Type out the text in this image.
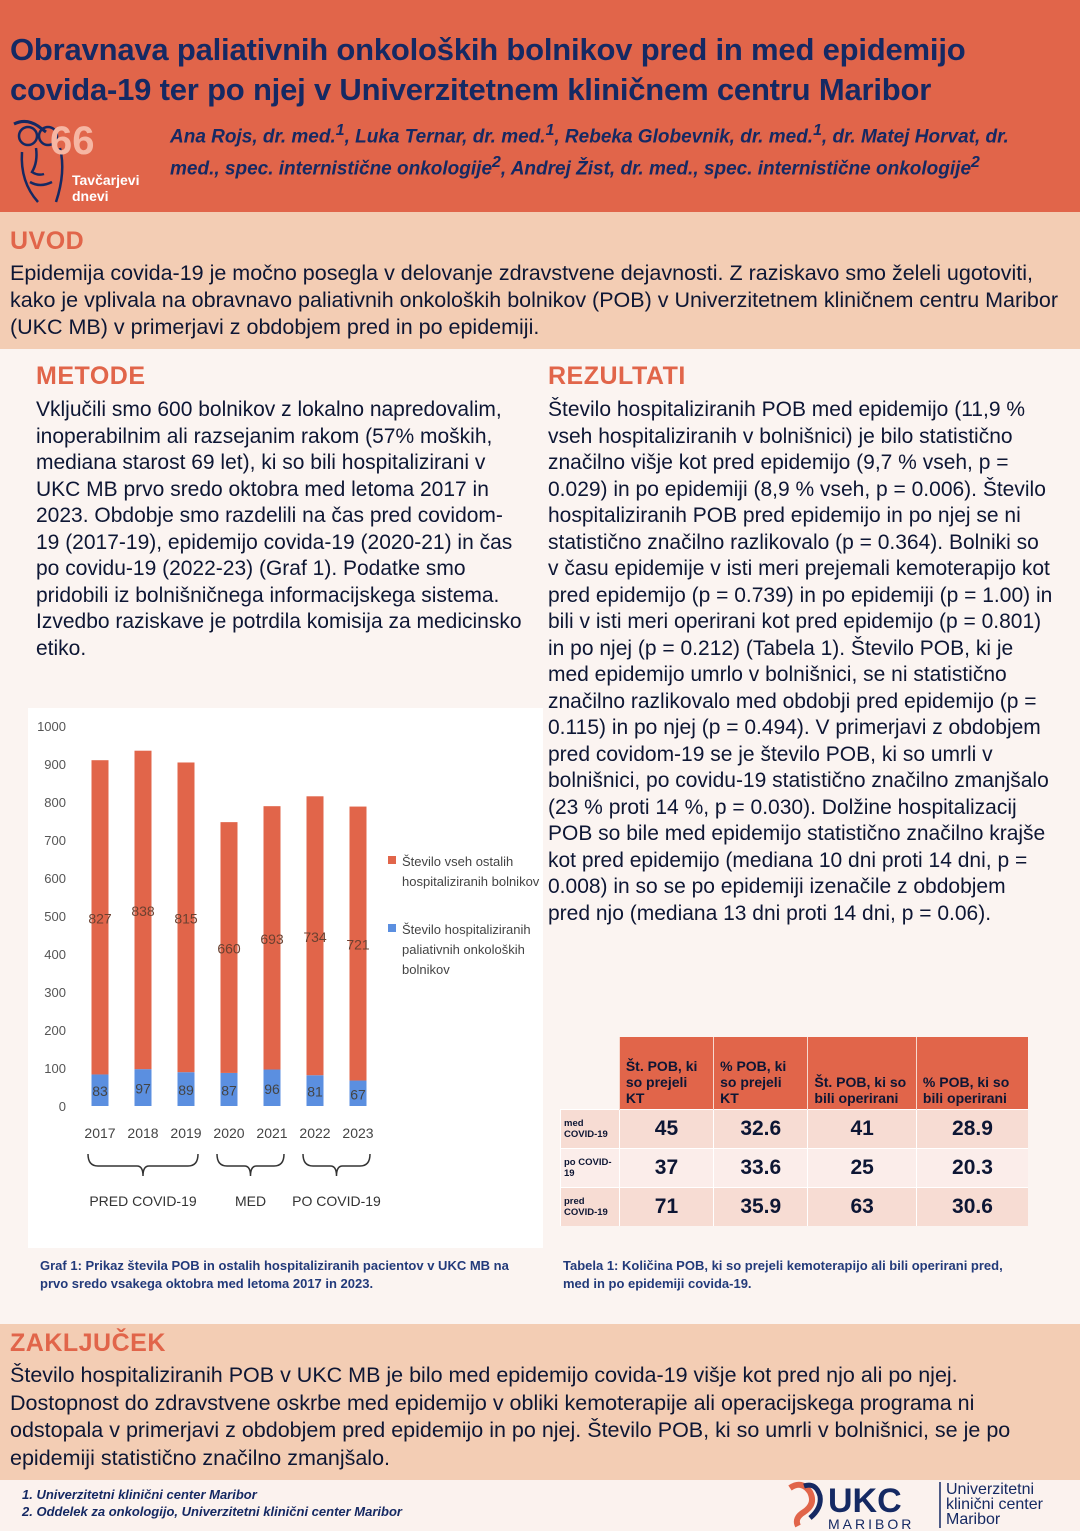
Obravnava paliativnih onkoloških bolnikov pred in med epidemijo covida-19 ter po njej v Univerzitetnem kliničnem centru Maribor
66
Tavčarjevi dnevi
Ana Rojs, dr. med.$^1$, Luka Ternar, dr. med.$^1$, Rebeka Globevnik, dr. med.$^1$, dr. Matej Horvat, dr. med., spec. internistične onkologije$^2$, Andrej Žist, dr. med., spec. internistične onkologije$^2$
UVOD
Epidemija covida-19 je močno posegla v delovanje zdravstvene dejavnosti. Z raziskavo smo želeli ugotoviti, kako je vplivala na obravnavo paliativnih onkoloških bolnikov (POB) v Univerzitetnem kliničnem centru Maribor (UKC MB) v primerjavi z obdobjem pred in po epidemiji.
METODE
Vključili smo 600 bolnikov z lokalno napredovalim, inoperabilnim ali razsejanim rakom (57% moških, mediana starost 69 let), ki so bili hospitalizirani v UKC MB prvo sredo oktobra med letoma 2017 in 2023. Obdobje smo razdelili na čas pred covidom-19 (2017-19), epidemijo covida-19 (2020-21) in čas po covidu-19 (2022-23) (Graf 1). Podatke smo pridobili iz bolnišničnega informacijskega sistema. Izvedbo raziskave je potrdila komisija za medicinsko etiko.
REZULTATI
Število hospitaliziranih POB med epidemijo (11,9 % vseh hospitaliziranih v bolnišnici) je bilo statistično značilno višje kot pred epidemijo (9,7 % vseh, p = 0.029) in po epidemiji (8,9 % vseh, p = 0.006). Število hospitaliziranih POB pred epidemijo in po njej se ni statistično značilno razlikovalo (p = 0.364). Bolniki so v času epidemije v isti meri prejemali kemoterapijo kot pred epidemijo (p = 0.739) in po epidemiji (p = 1.00) in bili v isti meri operirani kot pred epidemijo (p = 0.801) in po njej (p = 0.212) (Tabela 1). Število POB, ki je med epidemijo umrlo v bolnišnici, se ni statistično značilno razlikovalo med obdobji pred epidemijo (p = 0.115) in po njej (p = 0.494). V primerjavi z obdobjem pred covidom-19 se je število POB, ki so umrli v bolnišnici, po covidu-19 statistično značilno zmanjšalo (23 % proti 14 %, p = 0.030). Dolžine hospitalizacij POB so bile med epidemijo statistično značilno krajše kot pred epidemijo (mediana 10 dni proti 14 dni, p = 0.008) in so se po epidemiji izenačile z obdobjem pred njo (mediana 13 dni proti 14 dni, p = 0.06).
0
100
200
300
400
500
600
700
800
900
1000
83
827
2017
97
838
2018
89
815
2019
87
660
2020
96
693
2021
81
734
2022
67
721
2023
PRED COVID-19	MED PO COVID-19
Število vseh ostalih hospitaliziranih bolnikov
Število hospitaliziranih paliativnih onkoloških bolnikov
Graf 1: Prikaz števila POB in ostalih hospitaliziranih pacientov v UKC MB na prvo sredo vsakega oktobra med letoma 2017 in 2023.
	Št. POB, ki so prejeli KT	% POB, ki so prejeli KT	Št. POB, ki so bili operirani	% POB, ki so bili operirani
med COVID-19	45	32.6	41	28.9
po COVID-19	37	33.6	25	20.3
pred COVID-19	71	35.9	63	30.6
Tabela 1: Količina POB, ki so prejeli kemoterapijo ali bili operirani pred, med in po epidemiji covida-19.
ZAKLJUČEK
Število hospitaliziranih POB v UKC MB je bilo med epidemijo covida-19 višje kot pred njo ali po njej. Dostopnost do zdravstvene oskrbe med epidemijo v obliki kemoterapije ali operacijskega programa ni odstopala v primerjavi z obdobjem pred epidemijo in po njej. Število POB, ki so umrli v bolnišnici, se je po epidemiji statistično značilno zmanjšalo.
1. Univerzitetni klinični center Maribor
2. Oddelek za onkologijo, Univerzitetni klinični center Maribor	UKC
MARIBOR
Univerzitetni
klinični center
Maribor
